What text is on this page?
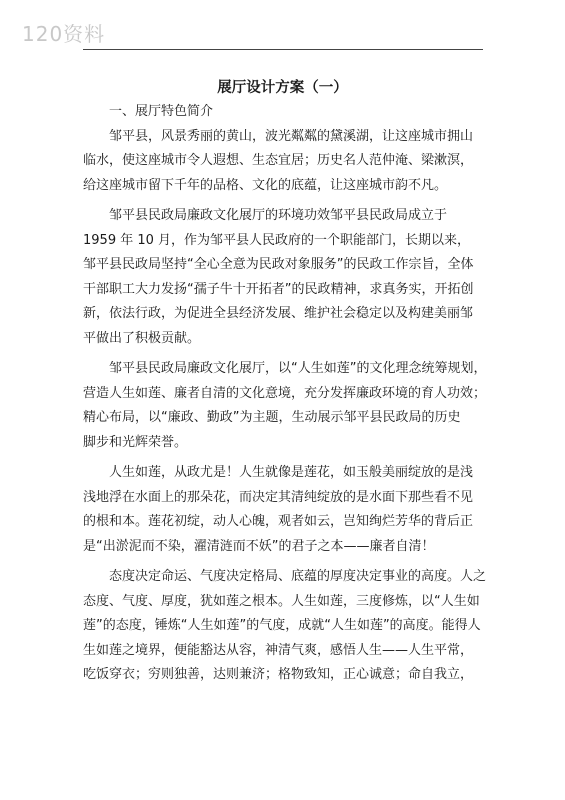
120资料
展厅设计方案（一）

一、展厅特色简介

邹平县，风景秀丽的黄山，波光粼粼的黛溪湖，让这座城市拥山
临水，使这座城市令人遐想、生态宜居；历史名人范仲淹、梁漱溟，
给这座城市留下千年的品格、文化的底蕴，让这座城市韵不凡。

邹平县民政局廉政文化展厅的环境功效邹平县民政局成立于
1959 年 10 月，作为邹平县人民政府的一个职能部门，长期以来，
邹平县民政局坚持“全心全意为民政对象服务”的民政工作宗旨，全体
干部职工大力发扬“孺子牛十开拓者”的民政精神，求真务实，开拓创
新，依法行政，为促进全县经济发展、维护社会稳定以及构建美丽邹
平做出了积极贡献。

邹平县民政局廉政文化展厅，以“人生如莲”的文化理念统筹规划，
营造人生如莲、廉者自清的文化意境，充分发挥廉政环境的育人功效；
精心布局，以“廉政、勤政”为主题，生动展示邹平县民政局的历史
脚步和光辉荣誉。

人生如莲，从政尤是！人生就像是莲花，如玉般美丽绽放的是浅
浅地浮在水面上的那朵花，而决定其清纯绽放的是水面下那些看不见
的根和本。莲花初绽，动人心魄，观者如云，岂知绚烂芳华的背后正
是“出淤泥而不染，濯清涟而不妖”的君子之本——廉者自清！

态度决定命运、气度决定格局、底蕴的厚度决定事业的高度。人之
态度、气度、厚度，犹如莲之根本。人生如莲，三度修炼，以“人生如
莲”的态度，锤炼“人生如莲”的气度，成就“人生如莲”的高度。能得人
生如莲之境界，便能豁达从容，神清气爽，感悟人生——人生平常，
吃饭穿衣；穷则独善，达则兼济；格物致知，正心诚意；命自我立，
